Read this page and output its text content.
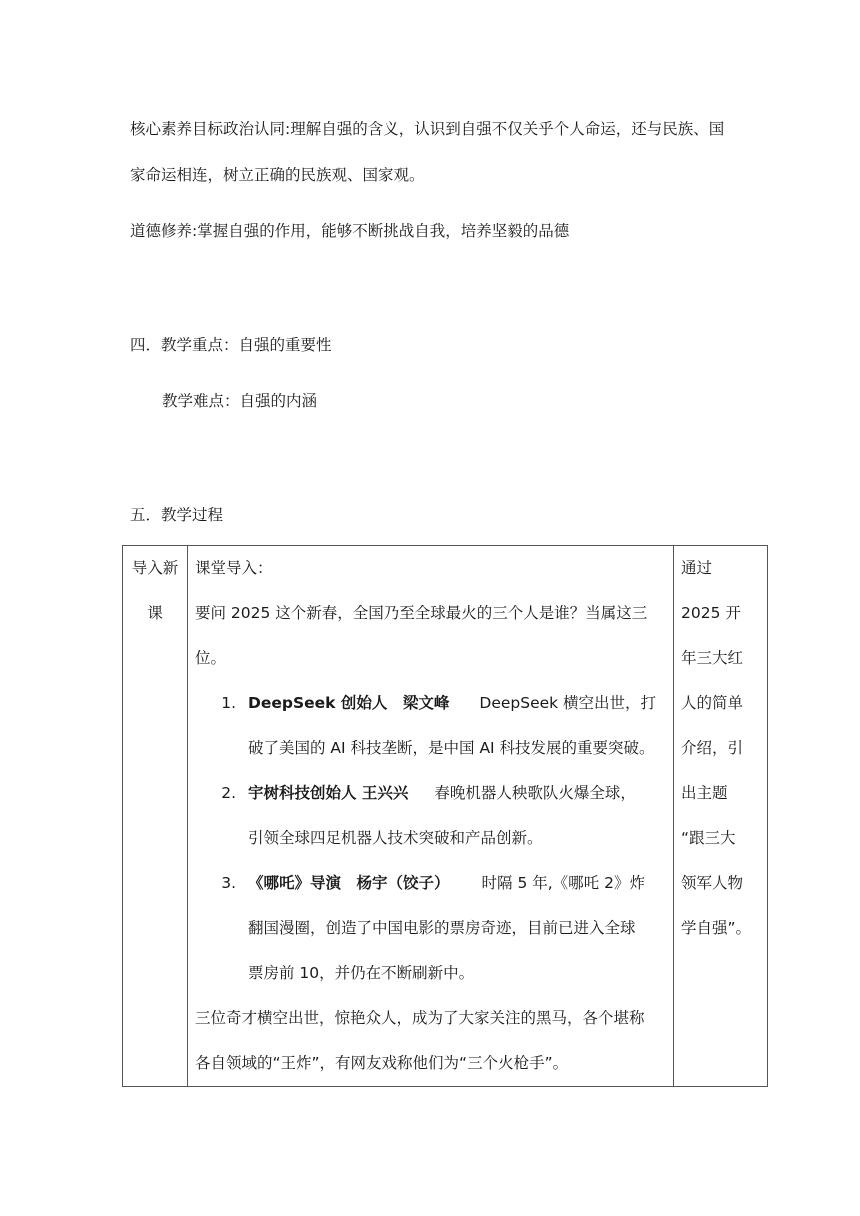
核心素养目标政治认同:理解自强的含义，认识到自强不仅关乎个人命运，还与民族、国
家命运相连，树立正确的民族观、国家观。
道德修养:掌握自强的作用，能够不断挑战自我，培养坚毅的品德
四．教学重点：自强的重要性
教学难点：自强的内涵
五．教学过程
导入新
课

课堂导入：
要问 2025 这个新春，全国乃至全球最火的三个人是谁？当属这三
位。
1. DeepSeek 创始人　梁文峰 DeepSeek 横空出世，打
破了美国的 AI 科技垄断，是中国 AI 科技发展的重要突破。
2. 宇树科技创始人 王兴兴 春晚机器人秧歌队火爆全球，
引领全球四足机器人技术突破和产品创新。
3. 《哪吒》导演　杨宇（饺子） 时隔 5 年,《哪吒 2》炸
翻国漫圈，创造了中国电影的票房奇迹，目前已进入全球
票房前 10，并仍在不断刷新中。
三位奇才横空出世，惊艳众人，成为了大家关注的黑马，各个堪称
各自领域的“王炸”，有网友戏称他们为“三个火枪手”。

通过
2025 开
年三大红
人的简单
介绍，引
出主题
“跟三大
领军人物
学自强”。
